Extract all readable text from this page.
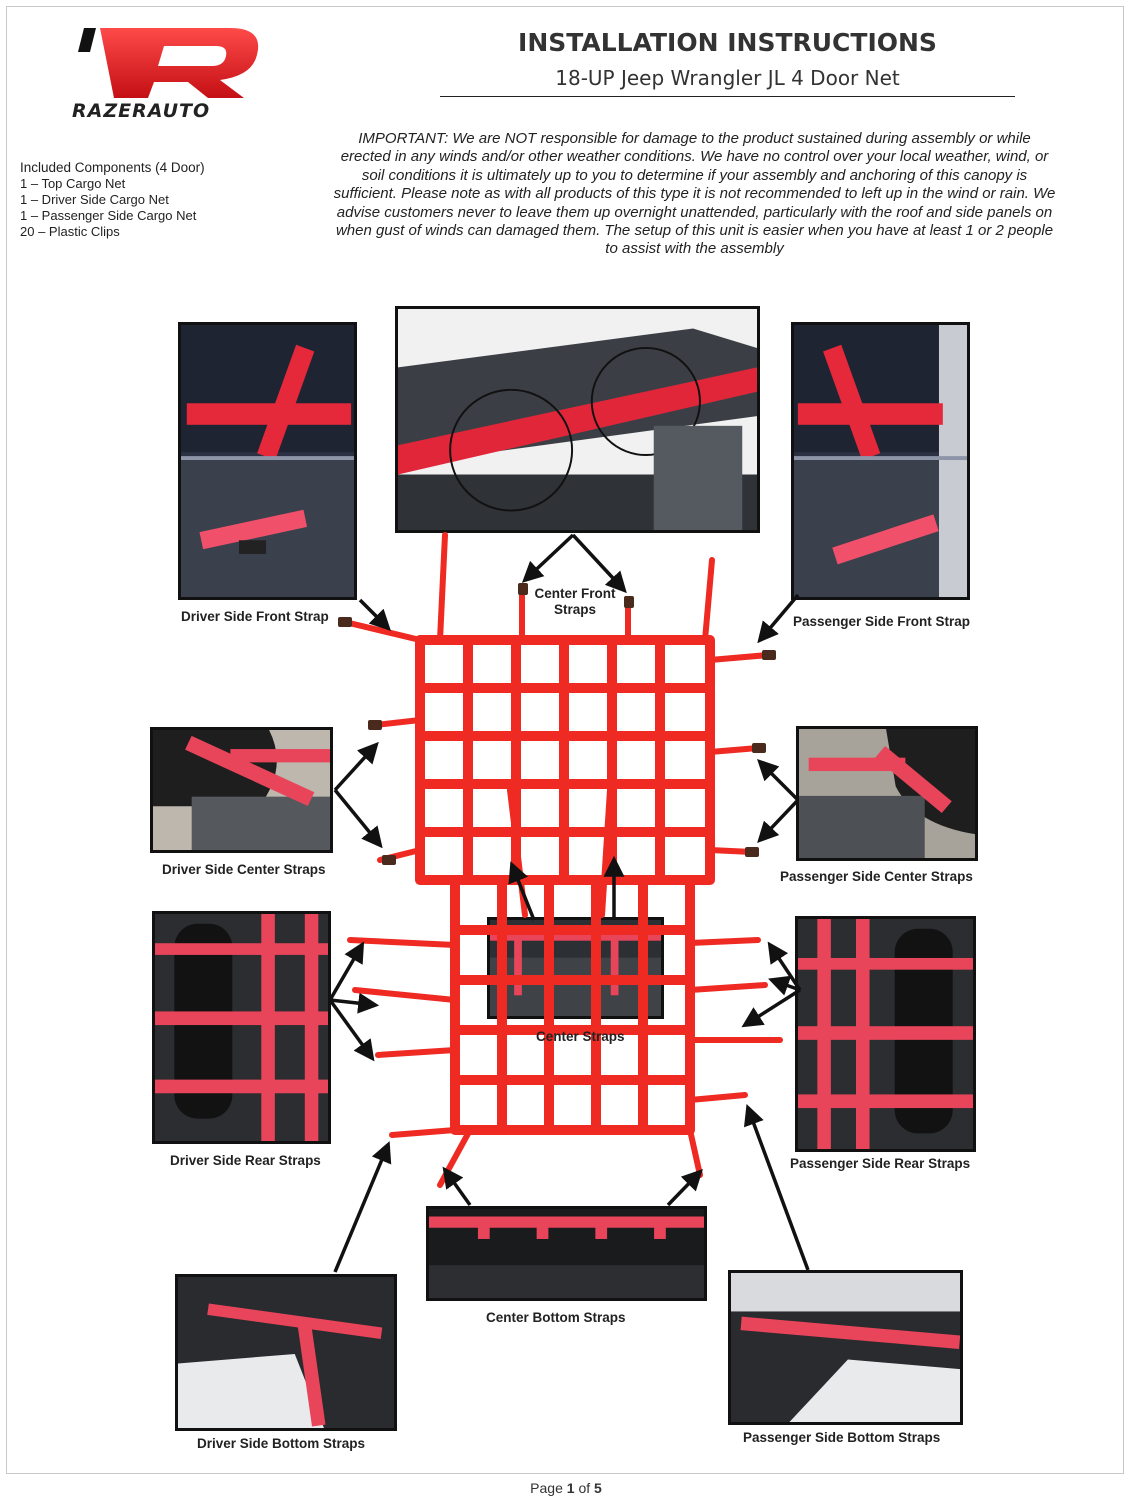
RAZERAUTO
INSTALLATION INSTRUCTIONS
18-UP Jeep Wrangler JL 4 Door Net
Included Components (4 Door)
1 – Top Cargo Net
1 – Driver Side Cargo Net
1 – Passenger Side Cargo Net
20 – Plastic Clips
IMPORTANT: We are NOT responsible for damage to the product sustained during assembly or while erected in any winds and/or other weather conditions. We have no control over your local weather, wind, or soil conditions it is ultimately up to you to determine if your assembly and anchoring of this canopy is sufficient. Please note as with all products of this type it is not recommended to left up in the wind or rain. We advise customers never to leave them up overnight unattended, particularly with the roof and side panels on when gust of winds can damaged them. The setup of this unit is easier when you have at least 1 or 2 people to assist with the assembly
Driver Side Front Strap
Center Front Straps
Passenger Side Front Strap
Driver Side Center Straps	Passenger Side Center Straps
Center Straps
Driver Side Rear Straps	Passenger Side Rear Straps
Center Bottom Straps
Driver Side Bottom Straps	Passenger Side Bottom Straps
Page 1 of 5
